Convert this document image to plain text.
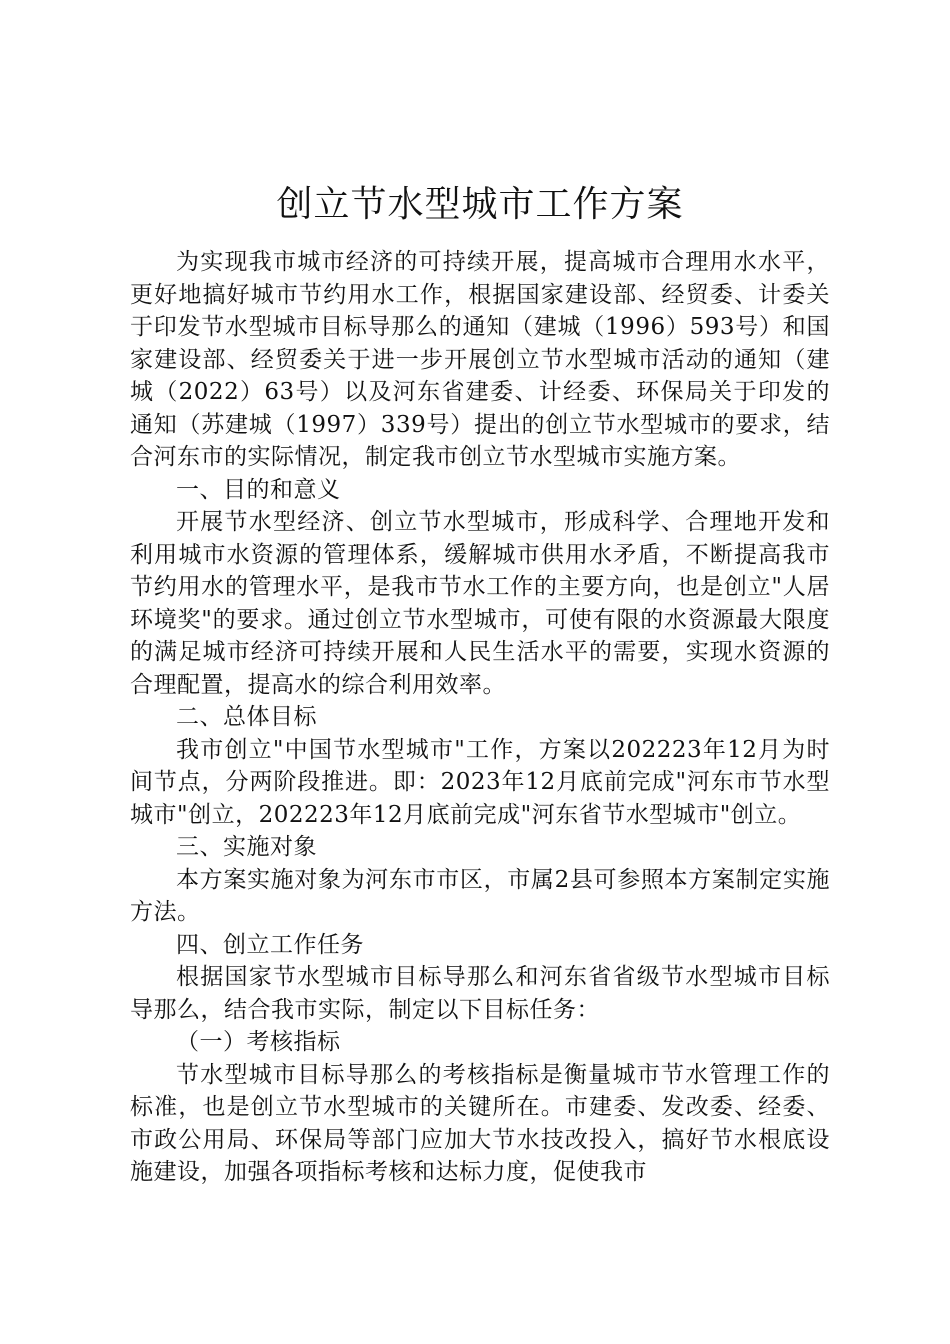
创立节水型城市工作方案

为实现我市城市经济的可持续开展，提高城市合理用水水平，更好地搞好城市节约用水工作，根据国家建设部、经贸委、计委关于印发节水型城市目标导那么的通知（建城（1996）593号）和国家建设部、经贸委关于进一步开展创立节水型城市活动的通知（建城（2022）63号）以及河东省建委、计经委、环保局关于印发的通知（苏建城（1997）339号）提出的创立节水型城市的要求，结合河东市的实际情况，制定我市创立节水型城市实施方案。

一、目的和意义

开展节水型经济、创立节水型城市，形成科学、合理地开发和利用城市水资源的管理体系，缓解城市供用水矛盾，不断提高我市节约用水的管理水平，是我市节水工作的主要方向，也是创立"人居环境奖"的要求。通过创立节水型城市，可使有限的水资源最大限度的满足城市经济可持续开展和人民生活水平的需要，实现水资源的合理配置，提高水的综合利用效率。

二、总体目标

我市创立"中国节水型城市"工作，方案以202223年12月为时间节点，分两阶段推进。即：2023年12月底前完成"河东市节水型城市"创立，202223年12月底前完成"河东省节水型城市"创立。

三、实施对象

本方案实施对象为河东市市区，市属2县可参照本方案制定实施方法。

四、创立工作任务

根据国家节水型城市目标导那么和河东省省级节水型城市目标导那么，结合我市实际，制定以下目标任务：

（一）考核指标

节水型城市目标导那么的考核指标是衡量城市节水管理工作的标准，也是创立节水型城市的关键所在。市建委、发改委、经委、市政公用局、环保局等部门应加大节水技改投入，搞好节水根底设施建设，加强各项指标考核和达标力度，促使我市
